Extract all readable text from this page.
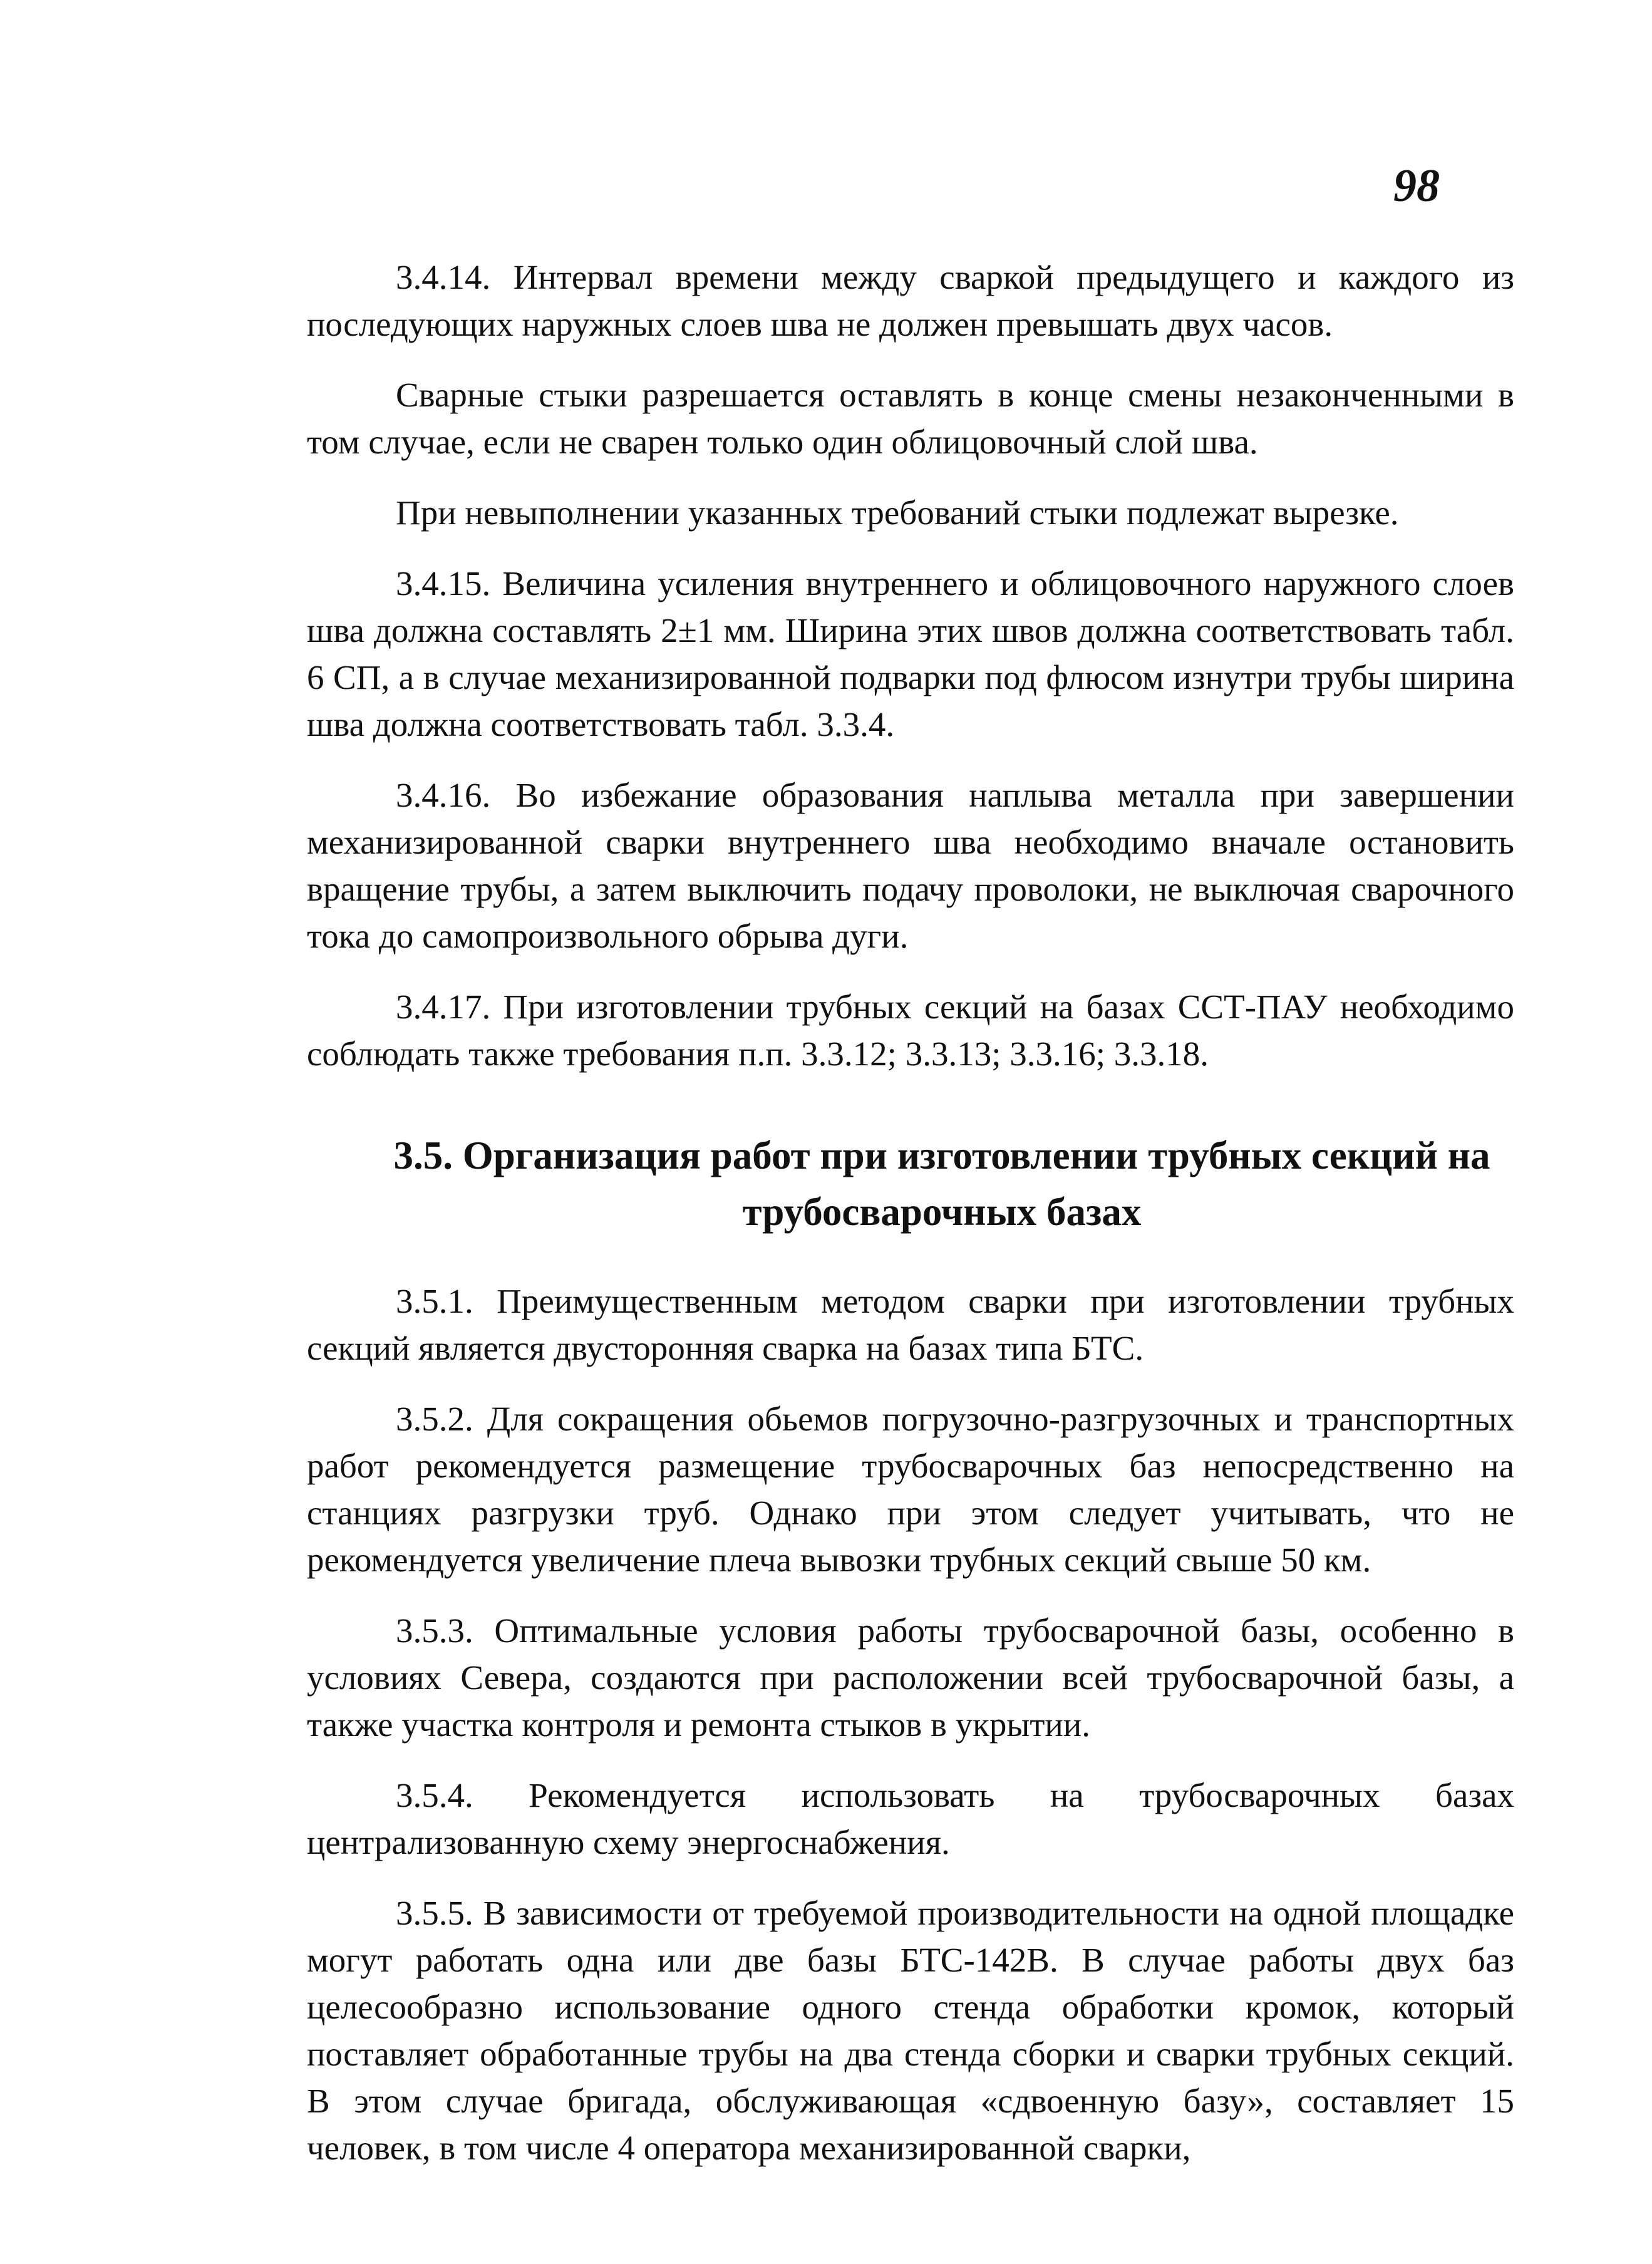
98

3.4.14. Интервал времени между сваркой предыдущего и каждого из последующих наружных слоев шва не должен превышать двух часов.

Сварные стыки разрешается оставлять в конце смены незаконченными в том случае, если не сварен только один облицовочный слой шва.

При невыполнении указанных требований стыки подлежат вырезке.

3.4.15. Величина усиления внутреннего и облицовочного наружного слоев шва должна составлять 2±1 мм. Ширина этих швов должна соответствовать табл. 6 СП, а в случае механизированной подварки под флюсом изнутри трубы ширина шва должна соответствовать табл. 3.3.4.

3.4.16. Во избежание образования наплыва металла при завершении механизированной сварки внутреннего шва необходимо вначале остановить вращение трубы, а затем выключить подачу проволоки, не выключая сварочного тока до самопроизвольного обрыва дуги.

3.4.17. При изготовлении трубных секций на базах ССТ-ПАУ необходимо соблюдать также требования п.п. 3.3.12; 3.3.13; 3.3.16; 3.3.18.

3.5. Организация работ при изготовлении трубных секций на трубосварочных базах

3.5.1. Преимущественным методом сварки при изготовлении трубных секций является двусторонняя сварка на базах типа БТС.

3.5.2. Для сокращения обьемов погрузочно-разгрузочных и транспортных работ рекомендуется размещение трубосварочных баз непосредственно на станциях разгрузки труб. Однако при этом следует учитывать, что не рекомендуется увеличение плеча вывозки трубных секций свыше 50 км.

3.5.3. Оптимальные условия работы трубосварочной базы, особенно в условиях Севера, создаются при расположении всей трубосварочной базы, а также участка контроля и ремонта стыков в укрытии.

3.5.4. Рекомендуется использовать на трубосварочных базах централизованную схему энергоснабжения.

3.5.5. В зависимости от требуемой производительности на одной площадке могут работать одна или две базы БТС-142В. В случае работы двух баз целесообразно использование одного стенда обработки кромок, который поставляет обработанные трубы на два стенда сборки и сварки трубных секций. В этом случае бригада, обслуживающая «сдвоенную базу», составляет 15 человек, в том числе 4 оператора механизированной сварки,
